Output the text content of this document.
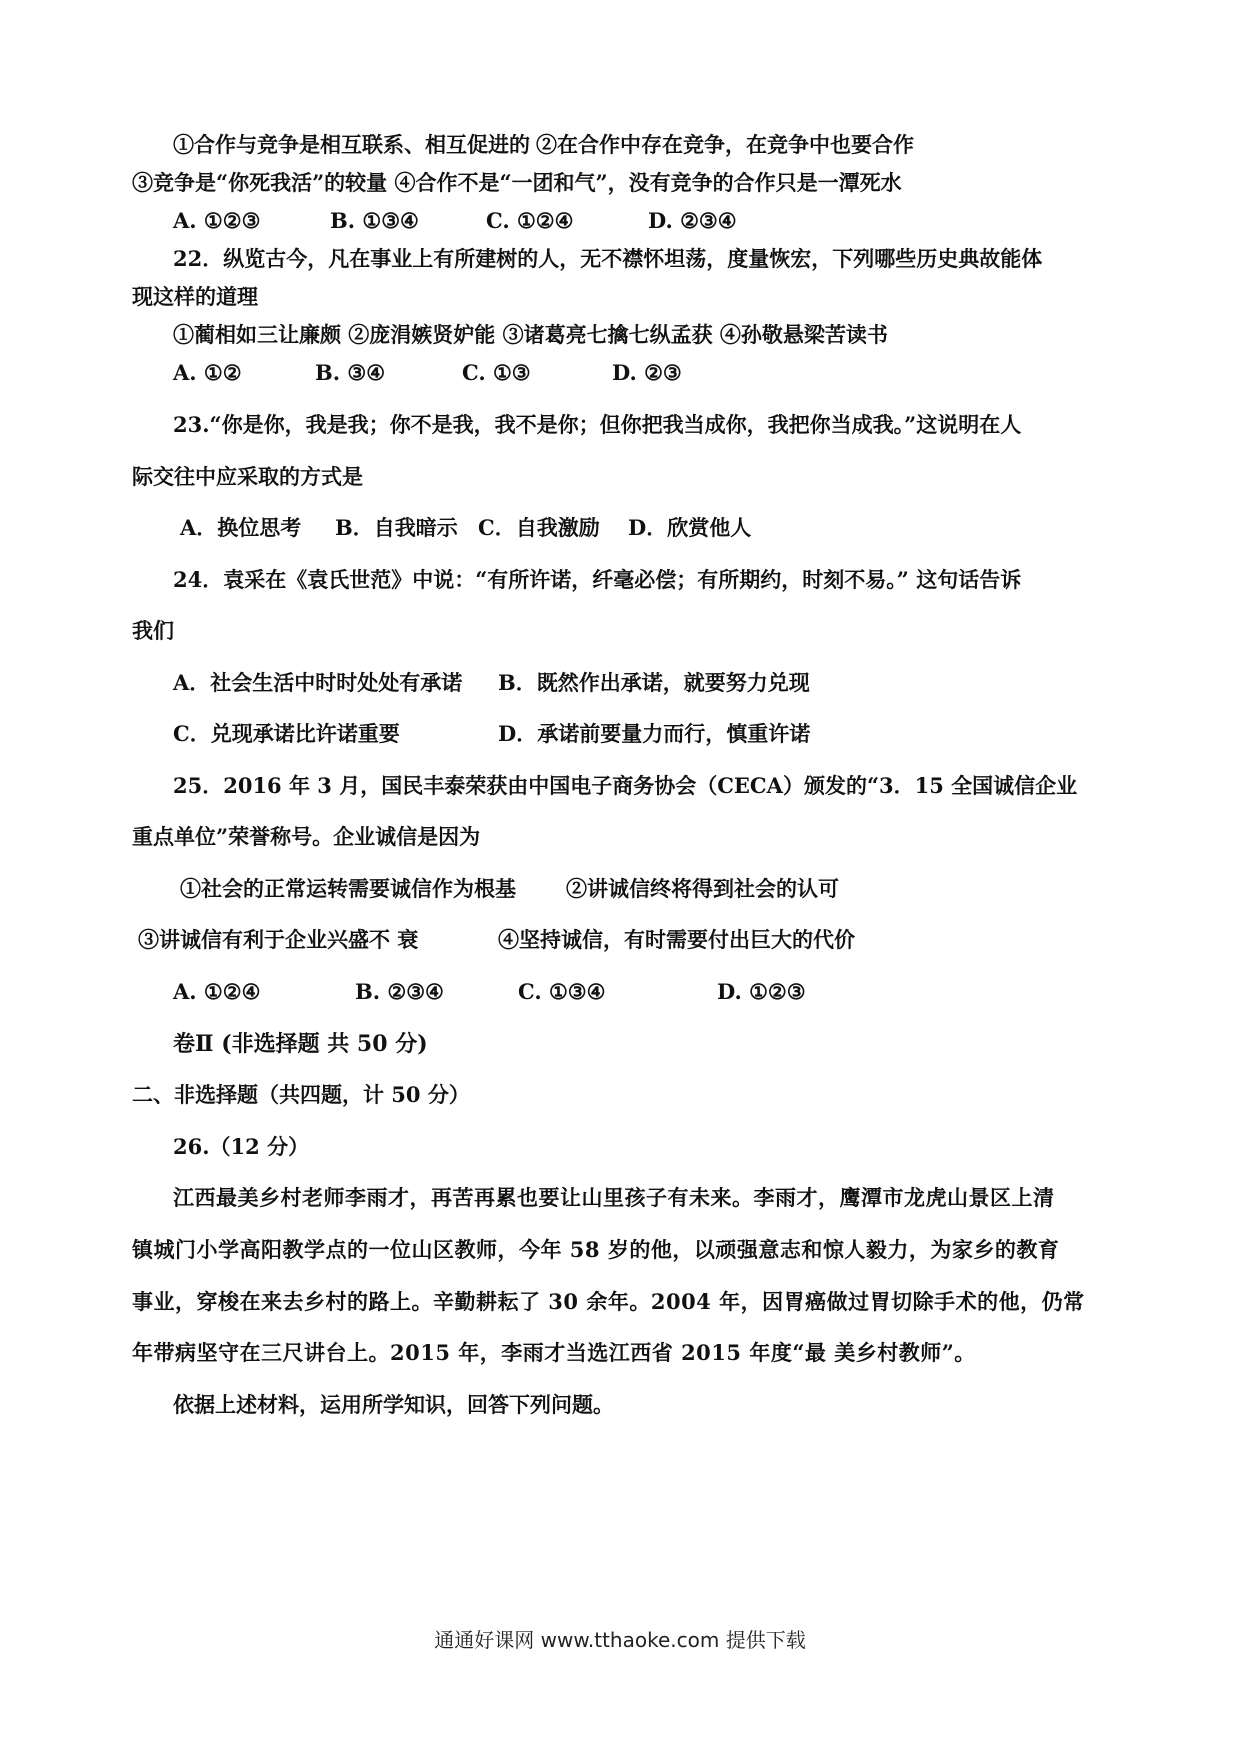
①合作与竞争是相互联系、相互促进的 ②在合作中存在竞争，在竞争中也要合作
③竞争是“你死我活”的较量 ④合作不是“一团和气”，没有竞争的合作只是一潭死水
A. ①②③	B. ①③④	C. ①②④	D. ②③④
22．纵览古今，凡在事业上有所建树的人，无不襟怀坦荡，度量恢宏，下列哪些历史典故能体
现这样的道理
①蔺相如三让廉颇 ②庞涓嫉贤妒能 ③诸葛亮七擒七纵孟获 ④孙敬悬梁苦读书
A. ①②	B. ③④	C. ①③	D. ②③
23.“你是你，我是我；你不是我，我不是你；但你把我当成你，我把你当成我。”这说明在人
际交往中应采取的方式是
A．换位思考 B．自我暗示 C．自我激励 D．欣赏他人
24．袁采在《袁氏世范》中说：“有所许诺，纤毫必偿；有所期约，时刻不易。” 这句话告诉
我们
A．社会生活中时时处处有承诺 B．既然作出承诺，就要努力兑现
C．兑现承诺比许诺重要	D．承诺前要量力而行，慎重许诺
25．2016 年 3 月，国民丰泰荣获由中国电子商务协会（CECA）颁发的“3．15 全国诚信企业
重点单位”荣誉称号。企业诚信是因为
①社会的正常运转需要诚信作为根基 ②讲诚信终将得到社会的认可
③讲诚信有利于企业兴盛不 衰	④坚持诚信，有时需要付出巨大的代价
A. ①②④	B. ②③④	C. ①③④	D. ①②③
卷Ⅱ (非选择题 共 50 分)
二、非选择题（共四题，计 50 分）
26.（12 分）
江西最美乡村老师李雨才，再苦再累也要让山里孩子有未来。李雨才，鹰潭市龙虎山景区上清
镇城门小学高阳教学点的一位山区教师，今年 58 岁的他，以顽强意志和惊人毅力，为家乡的教育
事业，穿梭在来去乡村的路上。辛勤耕耘了 30 余年。2004 年，因胃癌做过胃切除手术的他，仍常
年带病坚守在三尺讲台上。2015 年，李雨才当选江西省 2015 年度“最 美乡村教师”。
依据上述材料，运用所学知识，回答下列问题。
通通好课网 www.tthaoke.com 提供下载
